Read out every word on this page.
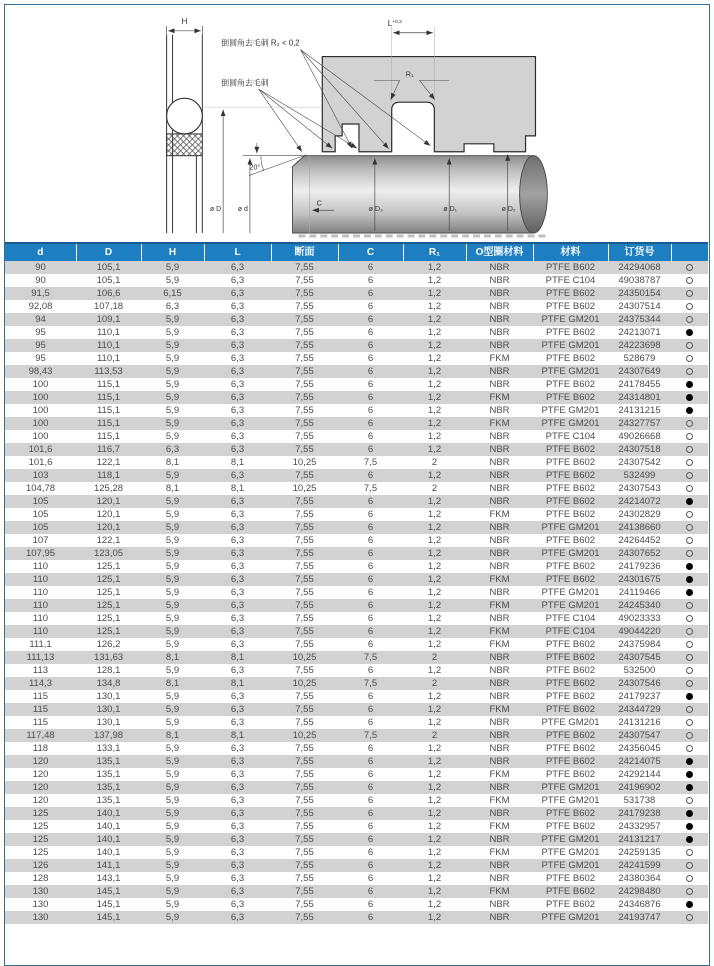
H	$L^{+0,2}$
R₁
倒圆角去毛刺 R₂ < 0,2
倒圆角去毛刺
20°
C
ø D ø d	ø D₃	ø D₁	ø D₂
d	D	H	L	断面	C	R₁	O型圈材料	材料	订货号	
90	105,1	5,9	6,3	7,55	6	1,2	NBR	PTFE B602	24294068	
90	105,1	5,9	6,3	7,55	6	1,2	NBR	PTFE C104	49038787	
91,5	106,6	6,15	6,3	7,55	6	1,2	NBR	PTFE B602	24350154	
92,08	107,18	6,3	6,3	7,55	6	1,2	NBR	PTFE B602	24307514	
94	109,1	5,9	6,3	7,55	6	1,2	NBR	PTFE GM201	24375344	
95	110,1	5,9	6,3	7,55	6	1,2	NBR	PTFE B602	24213071	
95	110,1	5,9	6,3	7,55	6	1,2	NBR	PTFE GM201	24223698	
95	110,1	5,9	6,3	7,55	6	1,2	FKM	PTFE B602	528679	
98,43	113,53	5,9	6,3	7,55	6	1,2	NBR	PTFE GM201	24307649	
100	115,1	5,9	6,3	7,55	6	1,2	NBR	PTFE B602	24178455	
100	115,1	5,9	6,3	7,55	6	1,2	FKM	PTFE B602	24314801	
100	115,1	5,9	6,3	7,55	6	1,2	NBR	PTFE GM201	24131215	
100	115,1	5,9	6,3	7,55	6	1,2	FKM	PTFE GM201	24327757	
100	115,1	5,9	6,3	7,55	6	1,2	NBR	PTFE C104	49026668	
101,6	116,7	6,3	6,3	7,55	6	1,2	NBR	PTFE B602	24307518	
101,6	122,1	8,1	8,1	10,25	7,5	2	NBR	PTFE B602	24307542	
103	118,1	5,9	6,3	7,55	6	1,2	NBR	PTFE B602	532499	
104,78	125,28	8,1	8,1	10,25	7,5	2	NBR	PTFE B602	24307543	
105	120,1	5,9	6,3	7,55	6	1,2	NBR	PTFE B602	24214072	
105	120,1	5,9	6,3	7,55	6	1,2	FKM	PTFE B602	24302829	
105	120,1	5,9	6,3	7,55	6	1,2	NBR	PTFE GM201	24138660	
107	122,1	5,9	6,3	7,55	6	1,2	NBR	PTFE B602	24264452	
107,95	123,05	5,9	6,3	7,55	6	1,2	NBR	PTFE GM201	24307652	
110	125,1	5,9	6,3	7,55	6	1,2	NBR	PTFE B602	24179236	
110	125,1	5,9	6,3	7,55	6	1,2	FKM	PTFE B602	24301675	
110	125,1	5,9	6,3	7,55	6	1,2	NBR	PTFE GM201	24119466	
110	125,1	5,9	6,3	7,55	6	1,2	FKM	PTFE GM201	24245340	
110	125,1	5,9	6,3	7,55	6	1,2	NBR	PTFE C104	49023333	
110	125,1	5,9	6,3	7,55	6	1,2	FKM	PTFE C104	49044220	
111,1	126,2	5,9	6,3	7,55	6	1,2	FKM	PTFE B602	24375984	
111,13	131,63	8,1	8,1	10,25	7,5	2	NBR	PTFE B602	24307545	
113	128,1	5,9	6,3	7,55	6	1,2	NBR	PTFE B602	532500	
114,3	134,8	8,1	8,1	10,25	7,5	2	NBR	PTFE B602	24307546	
115	130,1	5,9	6,3	7,55	6	1,2	NBR	PTFE B602	24179237	
115	130,1	5,9	6,3	7,55	6	1,2	FKM	PTFE B602	24344729	
115	130,1	5,9	6,3	7,55	6	1,2	NBR	PTFE GM201	24131216	
117,48	137,98	8,1	8,1	10,25	7,5	2	NBR	PTFE B602	24307547	
118	133,1	5,9	6,3	7,55	6	1,2	NBR	PTFE B602	24356045	
120	135,1	5,9	6,3	7,55	6	1,2	NBR	PTFE B602	24214075	
120	135,1	5,9	6,3	7,55	6	1,2	FKM	PTFE B602	24292144	
120	135,1	5,9	6,3	7,55	6	1,2	NBR	PTFE GM201	24196902	
120	135,1	5,9	6,3	7,55	6	1,2	FKM	PTFE GM201	531738	
125	140,1	5,9	6,3	7,55	6	1,2	NBR	PTFE B602	24179238	
125	140,1	5,9	6,3	7,55	6	1,2	FKM	PTFE B602	24332957	
125	140,1	5,9	6,3	7,55	6	1,2	NBR	PTFE GM201	24131217	
125	140,1	5,9	6,3	7,55	6	1,2	FKM	PTFE GM201	24259135	
126	141,1	5,9	6,3	7,55	6	1,2	NBR	PTFE GM201	24241599	
128	143,1	5,9	6,3	7,55	6	1,2	NBR	PTFE B602	24380364	
130	145,1	5,9	6,3	7,55	6	1,2	FKM	PTFE B602	24298480	
130	145,1	5,9	6,3	7,55	6	1,2	NBR	PTFE B602	24346876	
130	145,1	5,9	6,3	7,55	6	1,2	NBR	PTFE GM201	24193747	
